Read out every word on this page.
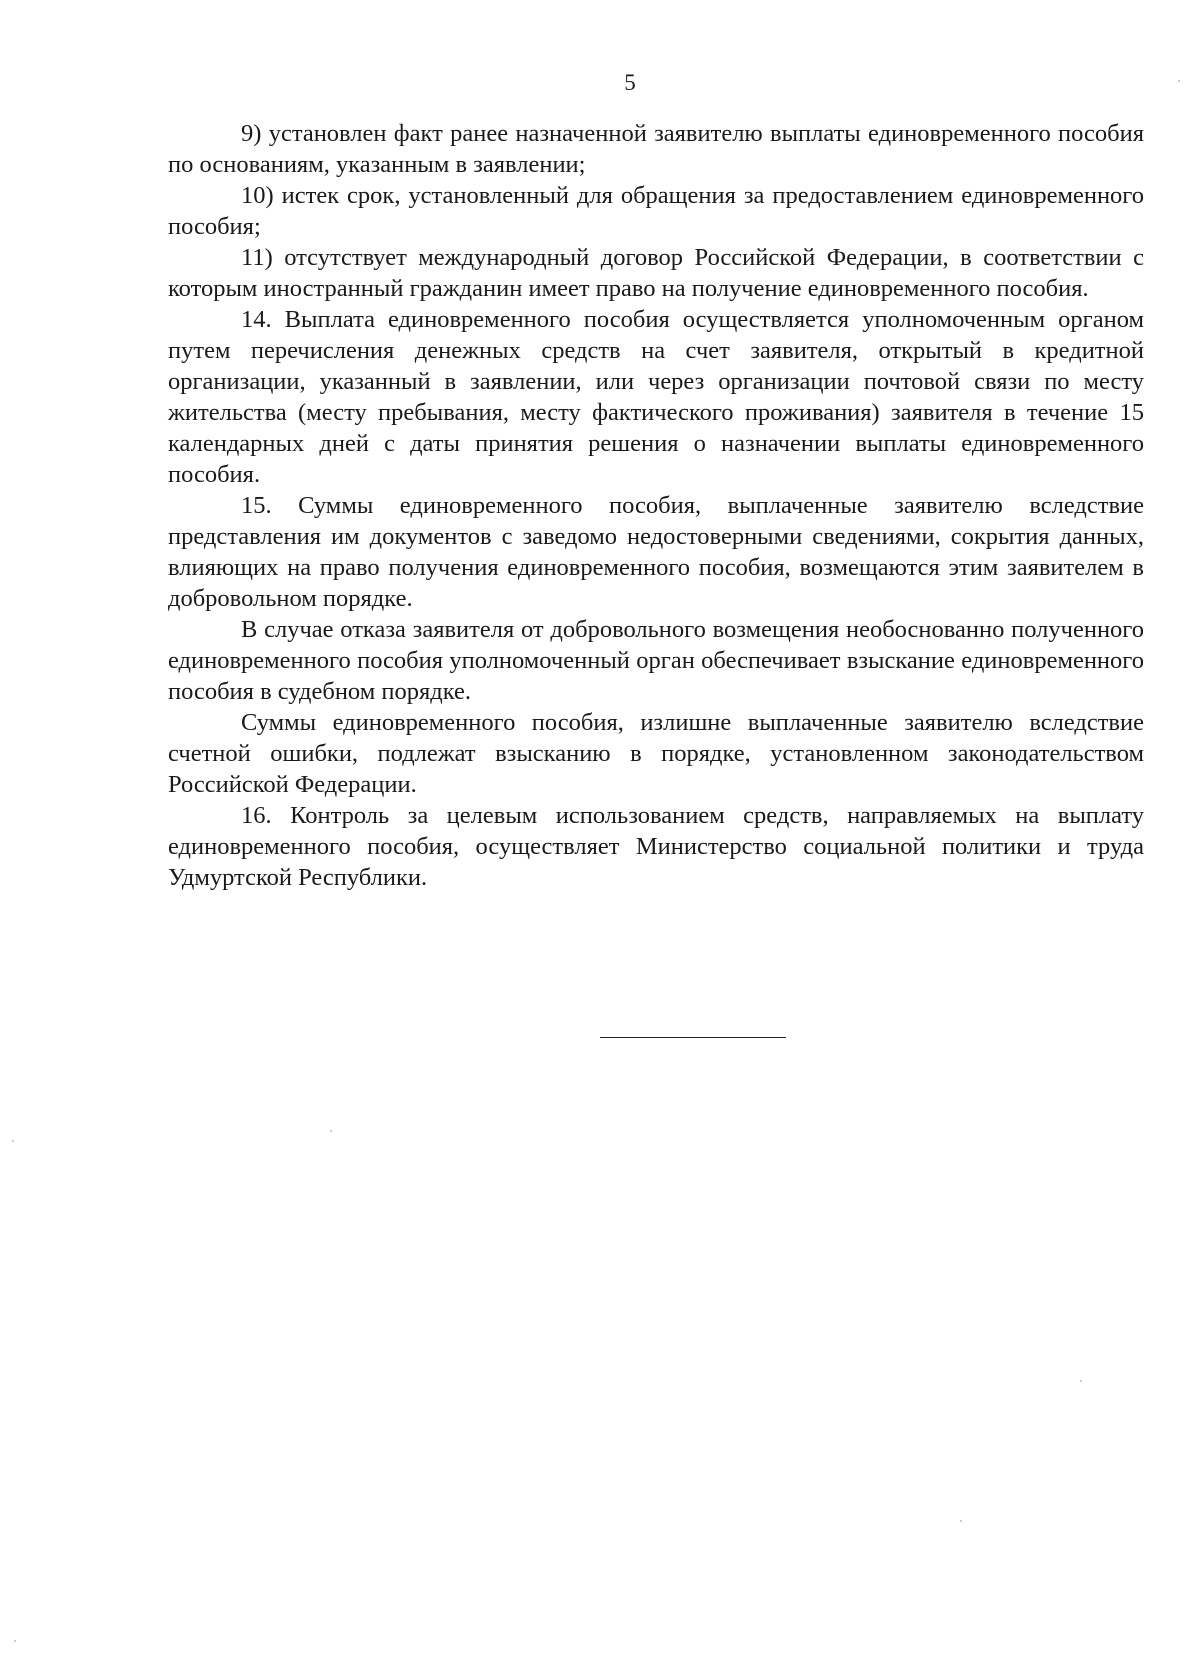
5

9) установлен факт ранее назначенной заявителю выплаты единовременного пособия по основаниям, указанным в заявлении;

10) истек срок, установленный для обращения за предоставлением единовременного пособия;

11) отсутствует международный договор Российской Федерации, в соответствии с которым иностранный гражданин имеет право на получение единовременного пособия.

14. Выплата единовременного пособия осуществляется уполномоченным органом путем перечисления денежных средств на счет заявителя, открытый в кредитной организации, указанный в заявлении, или через организации почтовой связи по месту жительства (месту пребывания, месту фактического проживания) заявителя в течение 15 календарных дней с даты принятия решения о назначении выплаты единовременного пособия.

15. Суммы единовременного пособия, выплаченные заявителю вследствие представления им документов с заведомо недостоверными сведениями, сокрытия данных, влияющих на право получения единовременного пособия, возмещаются этим заявителем в добровольном порядке.

В случае отказа заявителя от добровольного возмещения необоснованно полученного единовременного пособия уполномоченный орган обеспечивает взыскание единовременного пособия в судебном порядке.

Суммы единовременного пособия, излишне выплаченные заявителю вследствие счетной ошибки, подлежат взысканию в порядке, установленном законодательством Российской Федерации.

16. Контроль за целевым использованием средств, направляемых на выплату единовременного пособия, осуществляет Министерство социальной политики и труда Удмуртской Республики.
